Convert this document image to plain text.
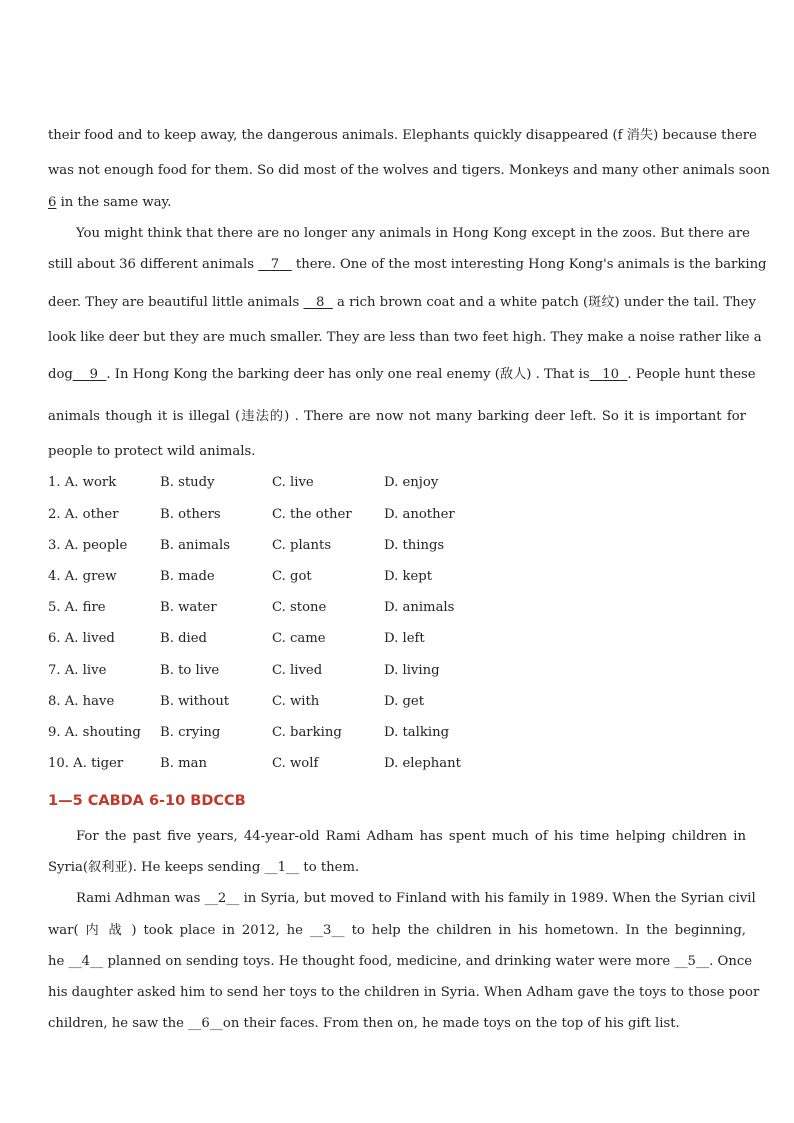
their food and to keep away, the dangerous animals. Elephants quickly disappeared (f 消失) because there
was not enough food for them. So did most of the wolves and tigers. Monkeys and many other animals soon
6 in the same way.
You might think that there are no longer any animals in Hong Kong except in the zoos. But there are
still about 36 different animals    7    there. One of the most interesting Hong Kong's animals is the barking
deer. They are beautiful little animals    8   a rich brown coat and a white patch (斑纹) under the tail. They
look like deer but they are much smaller. They are less than two feet high. They make a noise rather like a
dog 9 . In Hong Kong the barking deer has only one real enemy (敌人) . That is 10 . People hunt these
animals though it is illegal (违法的) . There are now not many barking deer left. So it is important for
people to protect wild animals.
1. A. work	B. study	C. live	D. enjoy
2. A. other	B. others	C. the other D. another
3. A. people B. animals	C. plants	D. things
4. A. grew	B. made	C. got	D. kept
5. A. fire	B. water	C. stone	D. animals
6. A. lived	B. died	C. came	D. left
7. A. live	B. to live	C. lived	D. living
8. A. have	B. without	C. with	D. get
9. A. shouting B. crying	C. barking	D. talking
10. A. tiger	B. man	C. wolf	D. elephant
1—5 CABDA 6-10 BDCCB
For the past five years, 44-year-old Rami Adham has spent much of his time helping children in
Syria(叙利亚). He keeps sending __1__ to them.
Rami Adhman was __2__ in Syria, but moved to Finland with his family in 1989. When the Syrian civil
war( 内 战 ) took place in 2012, he __3__ to help the children in his hometown. In the beginning,
he __4__ planned on sending toys. He thought food, medicine, and drinking water were more __5__. Once
his daughter asked him to send her toys to the children in Syria. When Adham gave the toys to those poor
children, he saw the __6__on their faces. From then on, he made toys on the top of his gift list.
